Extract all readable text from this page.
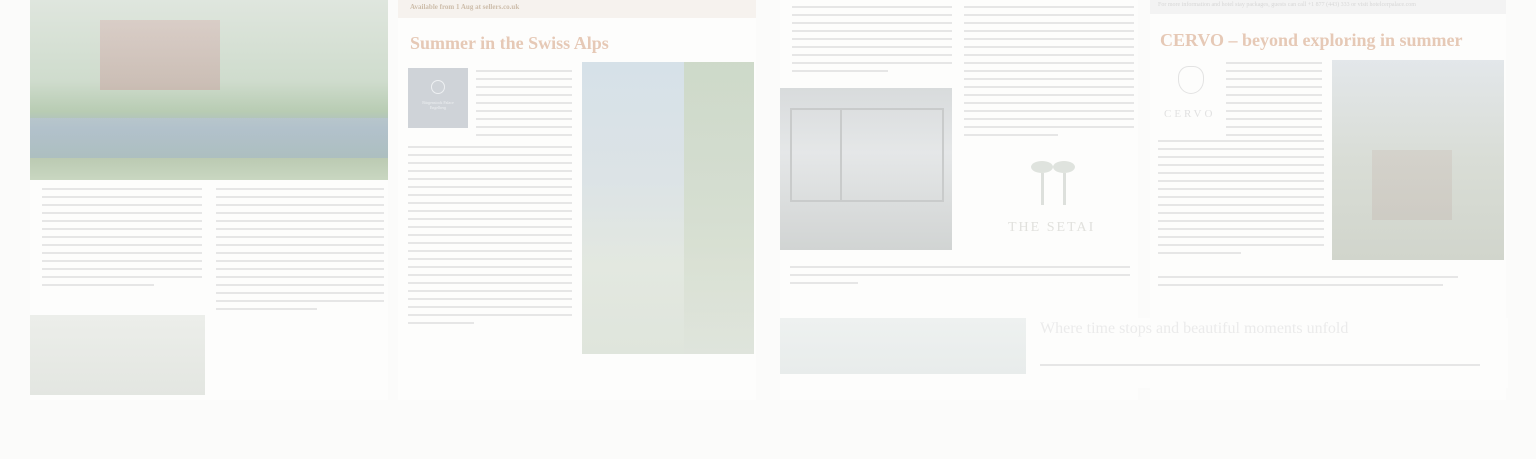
Available from 1 Aug at sellers.co.uk
Summer in the Swiss Alps
Bürgenstock Palace Engelberg
THE SETAI
For more information and hotel stay packages, guests can call +1 877 (443) 333 or visit hotelcerpalace.com
CERVO – beyond exploring in summer
CERVO
Where time stops and beautiful moments unfold
